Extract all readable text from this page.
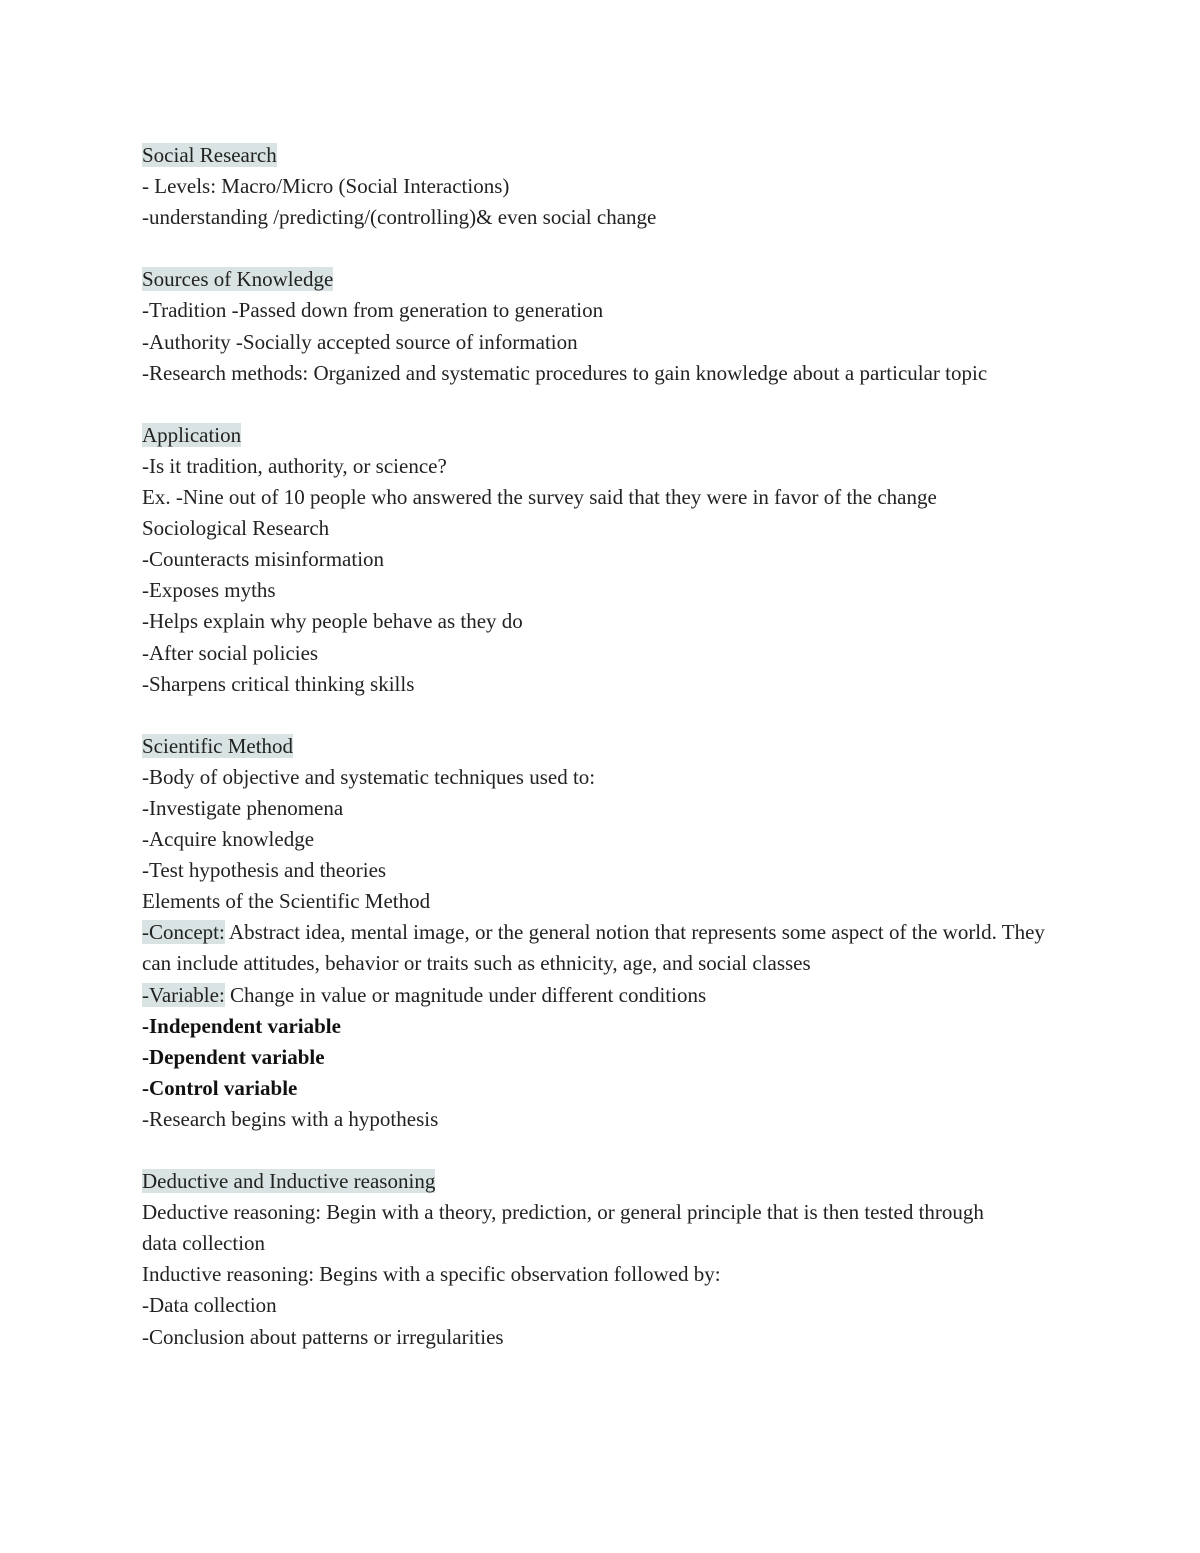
Social Research
- Levels: Macro/Micro (Social Interactions)
-understanding /predicting/(controlling)& even social change
Sources of Knowledge
-Tradition -Passed down from generation to generation
-Authority -Socially accepted source of information
-Research methods: Organized and systematic procedures to gain knowledge about a particular topic
Application
-Is it tradition, authority, or science?
Ex. -Nine out of 10 people who answered the survey said that they were in favor of the change
Sociological Research
-Counteracts misinformation
-Exposes myths
-Helps explain why people behave as they do
-After social policies
-Sharpens critical thinking skills
Scientific Method
-Body of objective and systematic techniques used to:
-Investigate phenomena
-Acquire knowledge
-Test hypothesis and theories
Elements of the Scientific Method
-Concept: Abstract idea, mental image, or the general notion that represents some aspect of the world. They can include attitudes, behavior or traits such as ethnicity, age, and social classes
-Variable: Change in value or magnitude under different conditions
-Independent variable
-Dependent variable
-Control variable
-Research begins with a hypothesis
Deductive and Inductive reasoning
Deductive reasoning: Begin with a theory, prediction, or general principle that is then tested through data collection
Inductive reasoning: Begins with a specific observation followed by:
-Data collection
-Conclusion about patterns or irregularities
